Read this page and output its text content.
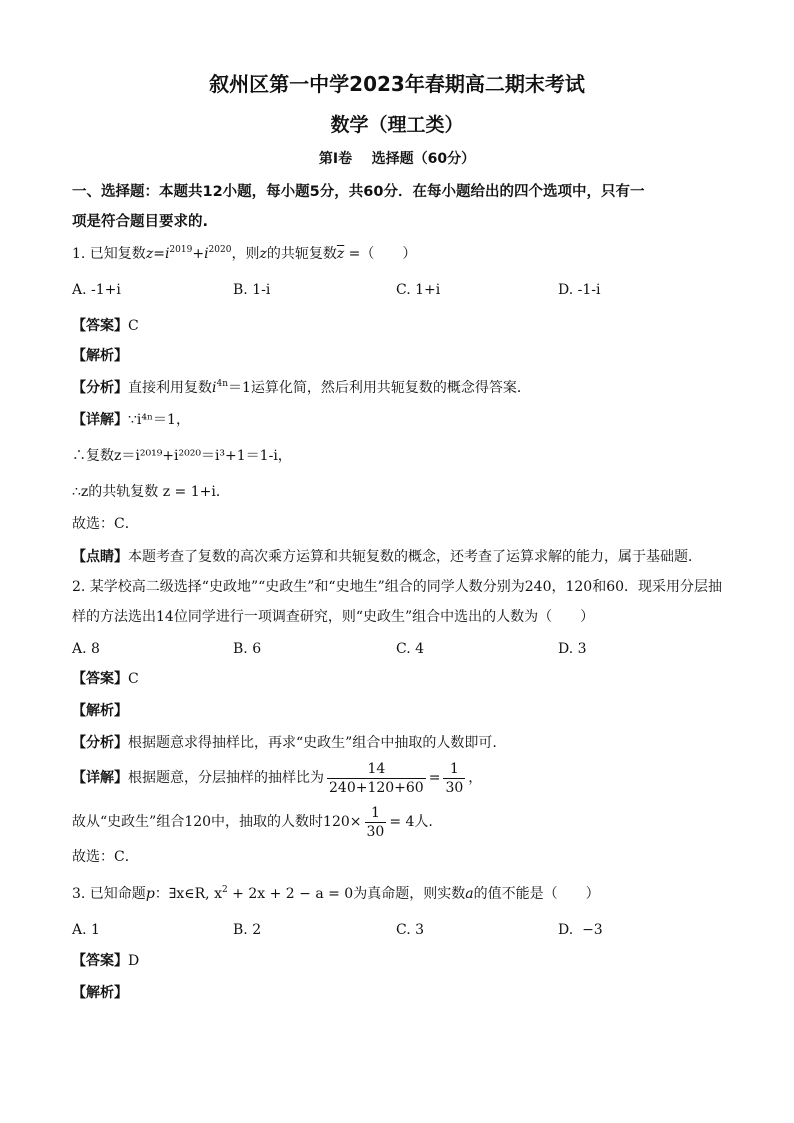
叙州区第一中学2023年春期高二期末考试
数学（理工类）
第I卷    选择题（60分）
一、选择题：本题共12小题，每小题5分，共60分．在每小题给出的四个选项中，只有一
项是符合题目要求的.
1. 已知复数$z=i^{2019}+i^{2020}$，则z的共轭复数$\overline{z}$ =（　　）
A. -1+i	B. 1-i	C. 1+i	D. -1-i
【答案】C
【解析】
【分析】直接利用复数$i^{4n}=1$运算化简，然后利用共轭复数的概念得答案．
【详解】∵i⁴ⁿ＝1，
∴复数z＝i²⁰¹⁹+i²⁰²⁰＝i³+1＝1-i，
∴z的共轨复数 z = 1+i．
故选：C．
【点睛】本题考查了复数的高次乘方运算和共轭复数的概念，还考查了运算求解的能力，属于基础题．
2. 某学校高二级选择“史政地”“史政生”和“史地生”组合的同学人数分别为240，120和60．现采用分层抽
样的方法选出14位同学进行一项调查研究，则“史政生”组合中选出的人数为（　　）
A. 8	B. 6	C. 4	D. 3
【答案】C
【解析】
【分析】根据题意求得抽样比，再求“史政生”组合中抽取的人数即可.
【详解】根据题意，分层抽样的抽样比为 $\frac{14}{240+120+60} = \frac{1}{30}$ ，
故从“史政生”组合120中，抽取的人数时$120\times \frac{1}{30} = 4$人.
故选：C．
3. 已知命题p：∃x∈R, $x^2 + 2x + 2 - a = 0$为真命题，则实数a的值不能是（　　）
A. 1	B. 2	C. 3	D.  −3
【答案】D
【解析】
